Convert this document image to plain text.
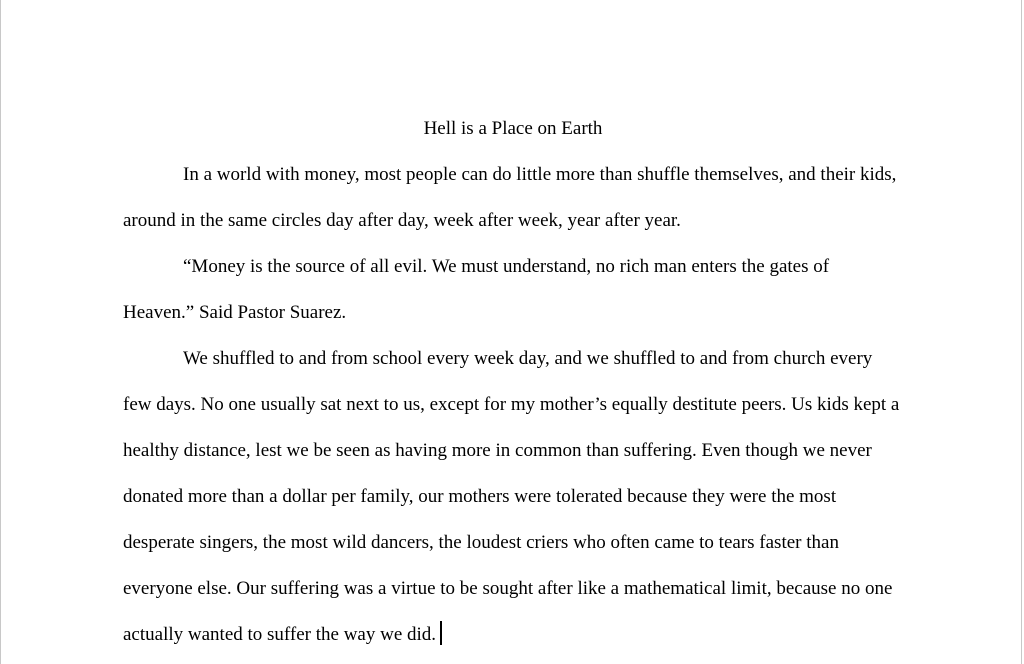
Hell is a Place on Earth

In a world with money, most people can do little more than shuffle themselves, and their kids, around in the same circles day after day, week after week, year after year.

“Money is the source of all evil. We must understand, no rich man enters the gates of Heaven.” Said Pastor Suarez.

We shuffled to and from school every week day, and we shuffled to and from church every few days. No one usually sat next to us, except for my mother’s equally destitute peers. Us kids kept a healthy distance, lest we be seen as having more in common than suffering. Even though we never donated more than a dollar per family, our mothers were tolerated because they were the most desperate singers, the most wild dancers, the loudest criers who often came to tears faster than everyone else. Our suffering was a virtue to be sought after like a mathematical limit, because no one actually wanted to suffer the way we did.
